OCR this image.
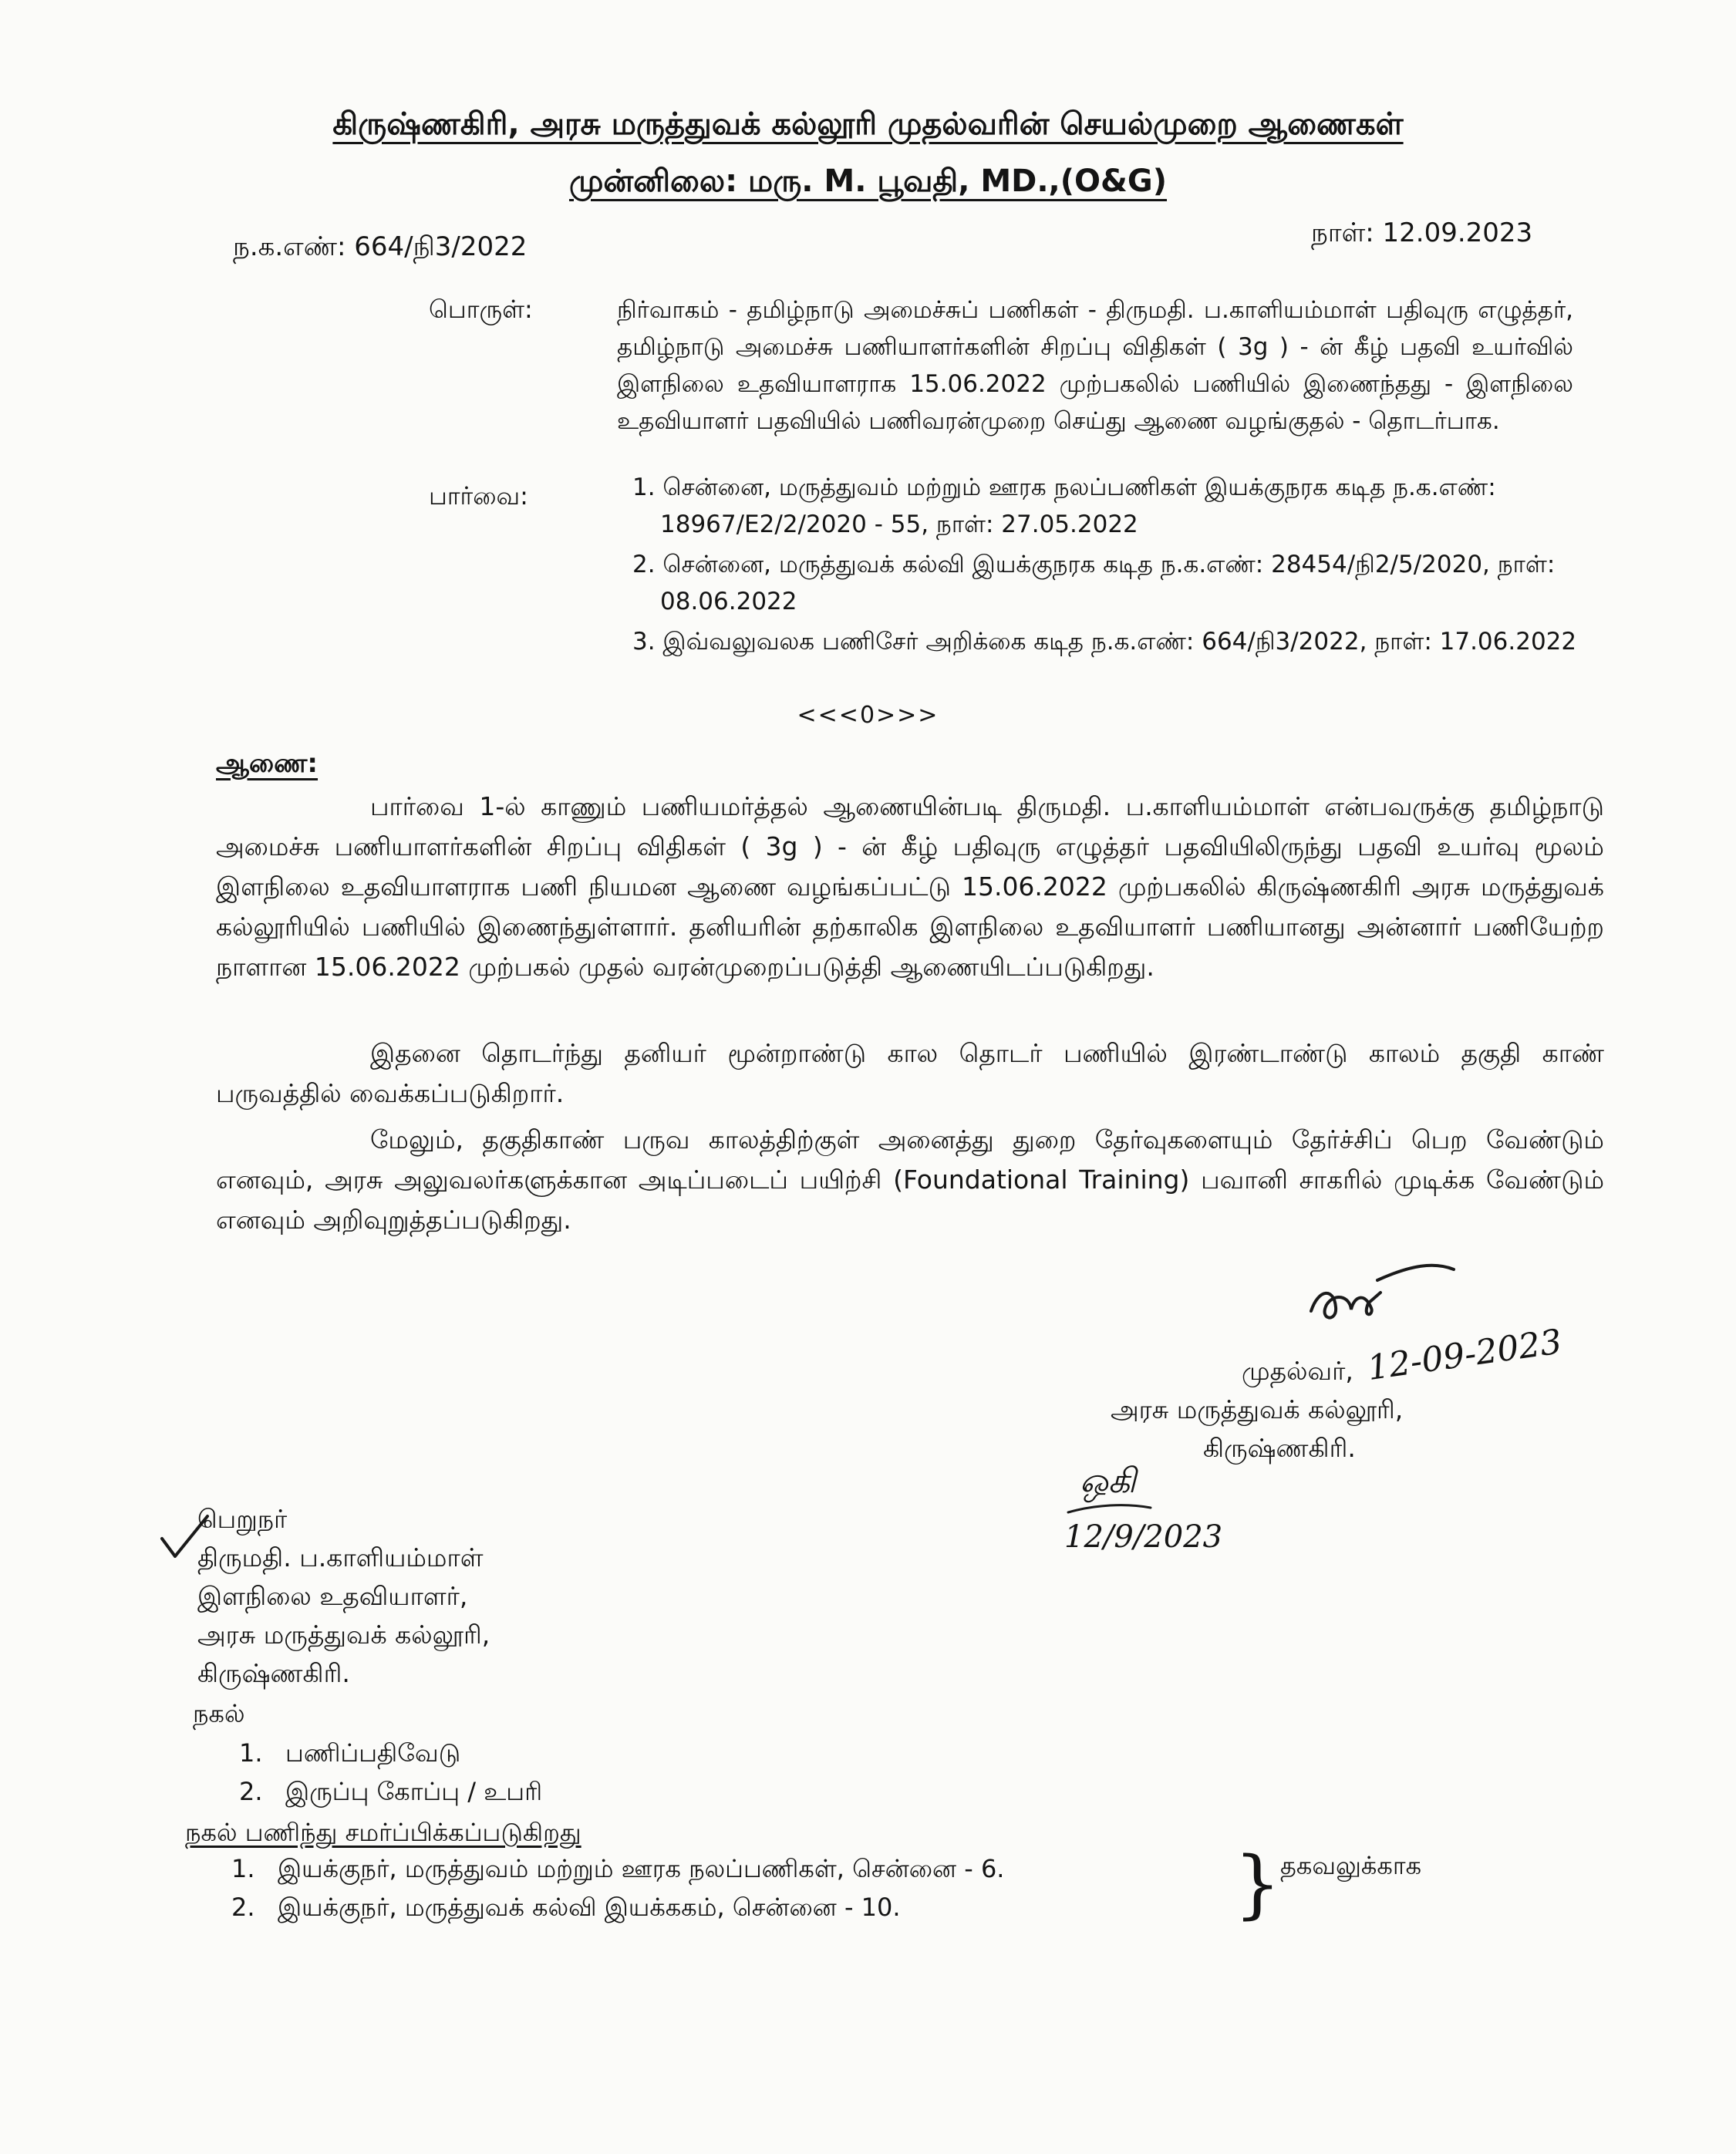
கிருஷ்ணகிரி, அரசு மருத்துவக் கல்லூரி முதல்வரின் செயல்முறை ஆணைகள்
முன்னிலை: மரு. M. பூவதி, MD.,(O&G)
ந.க.எண்: 664/நி3/2022	நாள்: 12.09.2023
பொருள்:	நிர்வாகம் - தமிழ்நாடு அமைச்சுப் பணிகள் - திருமதி. ப.காளியம்மாள் பதிவுரு எழுத்தர், தமிழ்நாடு அமைச்சு பணியாளர்களின் சிறப்பு விதிகள் ( 3g ) - ன் கீழ் பதவி உயர்வில் இளநிலை உதவியாளராக 15.06.2022 முற்பகலில் பணியில் இணைந்தது - இளநிலை உதவியாளர் பதவியில் பணிவரன்முறை செய்து ஆணை வழங்குதல் - தொடர்பாக.
பார்வை:	1. சென்னை, மருத்துவம் மற்றும் ஊரக நலப்பணிகள் இயக்குநரக கடித ந.க.எண்: 18967/E2/2/2020 - 55, நாள்: 27.05.2022
2. சென்னை, மருத்துவக் கல்வி இயக்குநரக கடித ந.க.எண்: 28454/நி2/5/2020, நாள்: 08.06.2022
3. இவ்வலுவலக பணிசேர் அறிக்கை கடித ந.க.எண்: 664/நி3/2022, நாள்: 17.06.2022
<<<0>>>
ஆணை:

பார்வை 1-ல் காணும் பணியமர்த்தல் ஆணையின்படி திருமதி. ப.காளியம்மாள் என்பவருக்கு தமிழ்நாடு அமைச்சு பணியாளர்களின் சிறப்பு விதிகள் ( 3g ) - ன் கீழ் பதிவுரு எழுத்தர் பதவியிலிருந்து பதவி உயர்வு மூலம் இளநிலை உதவியாளராக பணி நியமன ஆணை வழங்கப்பட்டு 15.06.2022 முற்பகலில் கிருஷ்ணகிரி அரசு மருத்துவக் கல்லூரியில் பணியில் இணைந்துள்ளார். தனியரின் தற்காலிக இளநிலை உதவியாளர் பணியானது அன்னார் பணியேற்ற நாளான 15.06.2022 முற்பகல் முதல் வரன்முறைப்படுத்தி ஆணையிடப்படுகிறது.

இதனை தொடர்ந்து தனியர் மூன்றாண்டு கால தொடர் பணியில் இரண்டாண்டு காலம் தகுதி காண் பருவத்தில் வைக்கப்படுகிறார்.

மேலும், தகுதிகாண் பருவ காலத்திற்குள் அனைத்து துறை தேர்வுகளையும் தேர்ச்சிப் பெற வேண்டும் எனவும், அரசு அலுவலர்களுக்கான அடிப்படைப் பயிற்சி (Foundational Training) பவானி சாகரில் முடிக்க வேண்டும் எனவும் அறிவுறுத்தப்படுகிறது.

முதல்வர், 12-09-2023
அரசு மருத்துவக் கல்லூரி,
கிருஷ்ணகிரி.
ஒகி
12/9/2023
பெறுநர்
திருமதி. ப.காளியம்மாள்
இளநிலை உதவியாளர்,
அரசு மருத்துவக் கல்லூரி,
கிருஷ்ணகிரி.
நகல்
1. பணிப்பதிவேடு
2. இருப்பு கோப்பு / உபரி
நகல் பணிந்து சமர்ப்பிக்கப்படுகிறது
1. இயக்குநர், மருத்துவம் மற்றும் ஊரக நலப்பணிகள், சென்னை - 6.
2. இயக்குநர், மருத்துவக் கல்வி இயக்ககம், சென்னை - 10.	}
தகவலுக்காக
